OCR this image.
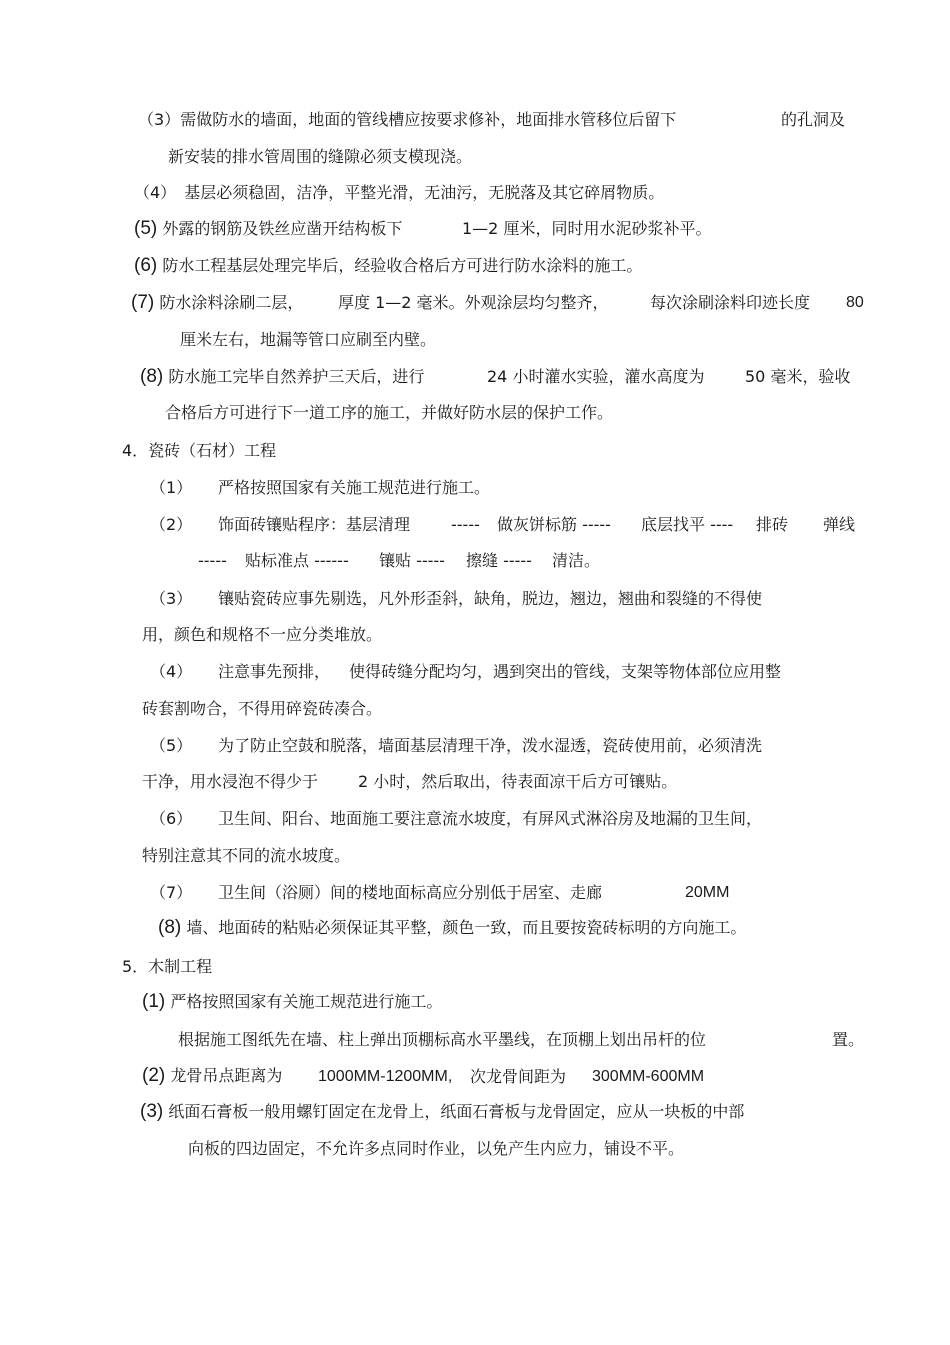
（3）需做防水的墙面，地面的管线槽应按要求修补，地面排水管移位后留下	的孔洞及
新安装的排水管周围的缝隙必须支模现浇。
（4） 基层必须稳固，洁净，平整光滑，无油污，无脱落及其它碎屑物质。
(5) 外露的钢筋及铁丝应凿开结构板下	1—2 厘米，同时用水泥砂浆补平。
(6) 防水工程基层处理完毕后，经验收合格后方可进行防水涂料的施工。
(7) 防水涂料涂刷二层， 厚度 1—2 毫米。外观涂层均匀整齐，	每次涂刷涂料印迹长度 80
厘米左右，地漏等管口应刷至内壁。
(8) 防水施工完毕自然养护三天后，进行	24 小时灌水实验，灌水高度为	50 毫米，验收
合格后方可进行下一道工序的施工，并做好防水层的保护工作。
4．瓷砖（石材）工程
（1） 严格按照国家有关施工规范进行施工。
（2） 饰面砖镶贴程序：基层清理	----- 做灰饼标筋 ----- 底层找平 ---- 排砖 弹线
----- 贴标准点 ------ 镶贴 ----- 擦缝 ----- 清洁。
（3） 镶贴瓷砖应事先剔选，凡外形歪斜，缺角，脱边，翘边，翘曲和裂缝的不得使
用，颜色和规格不一应分类堆放。
（4） 注意事先预排， 使得砖缝分配均匀，遇到突出的管线，支架等物体部位应用整
砖套割吻合，不得用碎瓷砖凑合。
（5） 为了防止空鼓和脱落，墙面基层清理干净，泼水湿透，瓷砖使用前，必须清洗
干净，用水浸泡不得少于 2 小时，然后取出，待表面凉干后方可镶贴。
（6） 卫生间、阳台、地面施工要注意流水坡度，有屏风式淋浴房及地漏的卫生间，
特别注意其不同的流水坡度。
（7） 卫生间（浴厕）间的楼地面标高应分别低于居室、走廊	20MM
(8) 墙、地面砖的粘贴必须保证其平整，颜色一致，而且要按瓷砖标明的方向施工。
5．木制工程
(1) 严格按照国家有关施工规范进行施工。
根据施工图纸先在墙、柱上弹出顶棚标高水平墨线，在顶棚上划出吊杆的位	置。
(2) 龙骨吊点距离为 1000MM-1200MM, 次龙骨间距为 300MM-600MM
(3) 纸面石膏板一般用螺钉固定在龙骨上，纸面石膏板与龙骨固定，应从一块板的中部
向板的四边固定，不允许多点同时作业，以免产生内应力，铺设不平。
